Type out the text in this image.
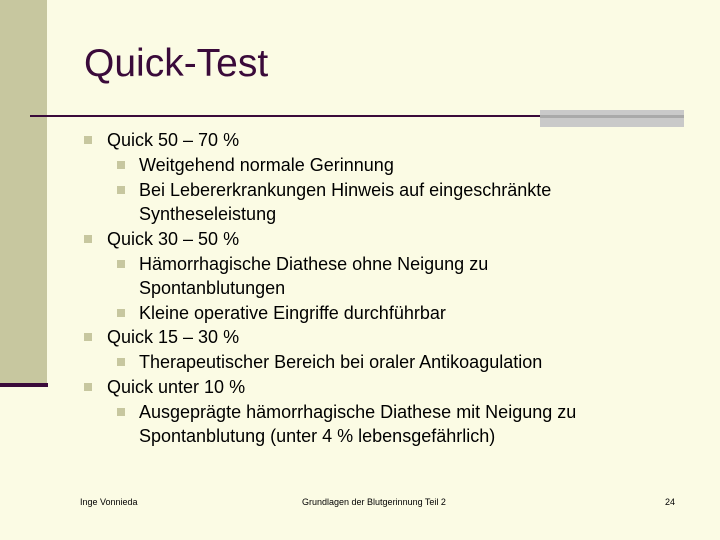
Quick-Test
Quick 50 – 70 %
Weitgehend normale Gerinnung
Bei Lebererkrankungen Hinweis auf eingeschränkte
Syntheseleistung
Quick 30 – 50 %
Hämorrhagische Diathese ohne Neigung zu
Spontanblutungen
Kleine operative Eingriffe durchführbar
Quick 15 – 30 %
Therapeutischer Bereich bei oraler Antikoagulation
Quick unter 10 %
Ausgeprägte hämorrhagische Diathese mit Neigung zu
Spontanblutung (unter 4 % lebensgefährlich)
Inge Vonnieda	Grundlagen der Blutgerinnung Teil 2	24
